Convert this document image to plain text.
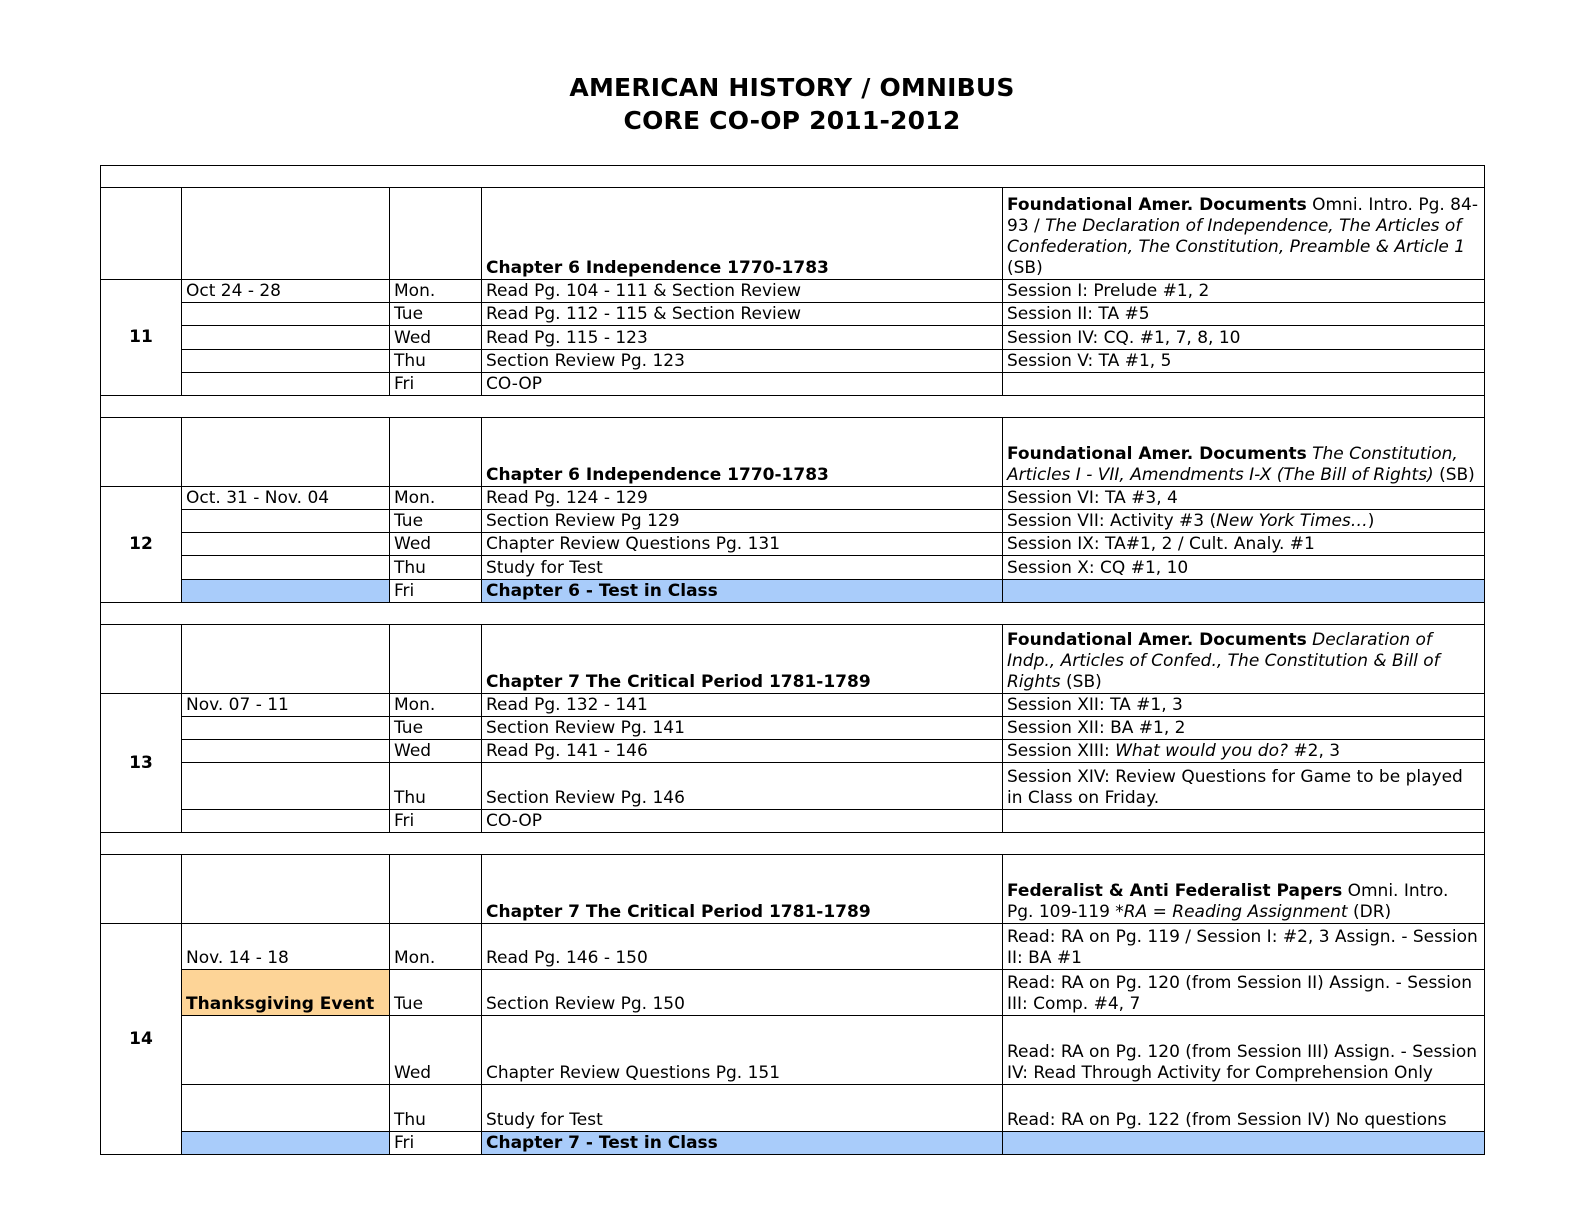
AMERICAN HISTORY / OMNIBUS
CORE CO-OP 2011-2012

			Chapter 6 Independence 1770-1783	Foundational Amer. Documents Omni. Intro. Pg. 84-93 / The Declaration of Independence, The Articles of Confederation, The Constitution, Preamble & Article 1 (SB)
11	Oct 24 - 28	Mon.	Read Pg. 104 - 111 & Section Review	Session I: Prelude #1, 2
		Tue	Read Pg. 112 - 115 & Section Review	Session II: TA #5
		Wed	Read Pg. 115 - 123	Session IV: CQ. #1, 7, 8, 10
		Thu	Section Review Pg. 123	Session V: TA #1, 5
		Fri	CO-OP	

			Chapter 6 Independence 1770-1783	Foundational Amer. Documents The Constitution, Articles I - VII, Amendments I-X (The Bill of Rights) (SB)
12	Oct. 31 - Nov. 04	Mon.	Read Pg. 124 - 129	Session VI: TA #3, 4
		Tue	Section Review Pg 129	Session VII: Activity #3 (New York Times…)
		Wed	Chapter Review Questions Pg. 131	Session IX: TA#1, 2 / Cult. Analy. #1
		Thu	Study for Test	Session X: CQ #1, 10
		Fri	Chapter 6 - Test in Class	

			Chapter 7 The Critical Period 1781-1789	Foundational Amer. Documents Declaration of Indp., Articles of Confed., The Constitution & Bill of Rights (SB)
13	Nov. 07 - 11	Mon.	Read Pg. 132 - 141	Session XII: TA #1, 3
		Tue	Section Review Pg. 141	Session XII: BA #1, 2
		Wed	Read Pg. 141 - 146	Session XIII: What would you do? #2, 3
		Thu	Section Review Pg. 146	Session XIV: Review Questions for Game to be played in Class on Friday.
		Fri	CO-OP	

			Chapter 7 The Critical Period 1781-1789	Federalist & Anti Federalist Papers Omni. Intro. Pg. 109-119 *RA = Reading Assignment (DR)
14	Nov. 14 - 18	Mon.	Read Pg. 146 - 150	Read: RA on Pg. 119 / Session I: #2, 3 Assign. - Session II: BA #1
	Thanksgiving Event	Tue	Section Review Pg. 150	Read: RA on Pg. 120 (from Session II) Assign. - Session III: Comp. #4, 7
		Wed	Chapter Review Questions Pg. 151	Read: RA on Pg. 120 (from Session III) Assign. - Session IV: Read Through Activity for Comprehension Only
		Thu	Study for Test	Read: RA on Pg. 122 (from Session IV) No questions
		Fri	Chapter 7 - Test in Class	
